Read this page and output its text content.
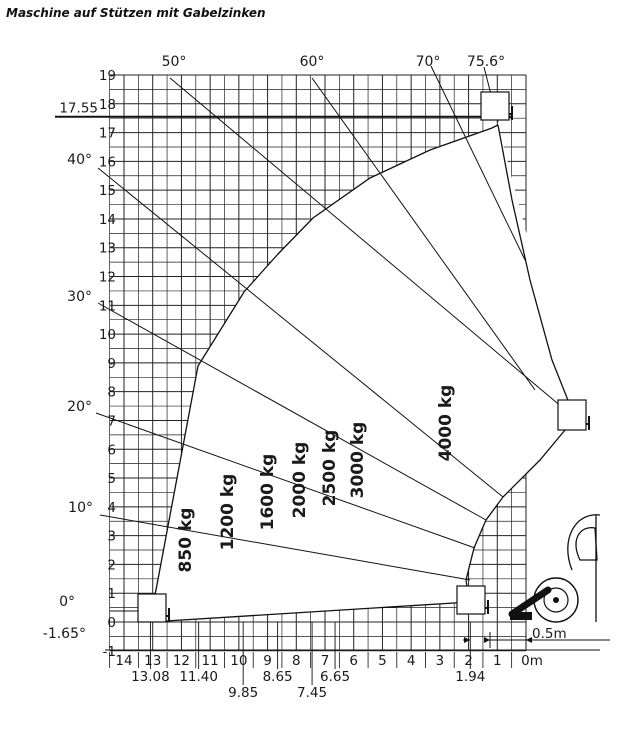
Maschine auf Stützen mit Gabelzinken
0°
10°
20°
30°
40°
50°	60°	70° 75.6°
-1.65°
-1
0
1
2
3
4
5
6
7
8
9
10
11
12
13
14
15
16
17
18
19
17.55
14 13 12 11 10 9 8 7 6 5 4 3 2 1 0m
13.08 11.40
9.85
8.65
7.45
6.65	1.94
0.5m
850 kg 1200 kg 1600 kg 2000 kg 2500 kg 3000 kg	4000 kg
